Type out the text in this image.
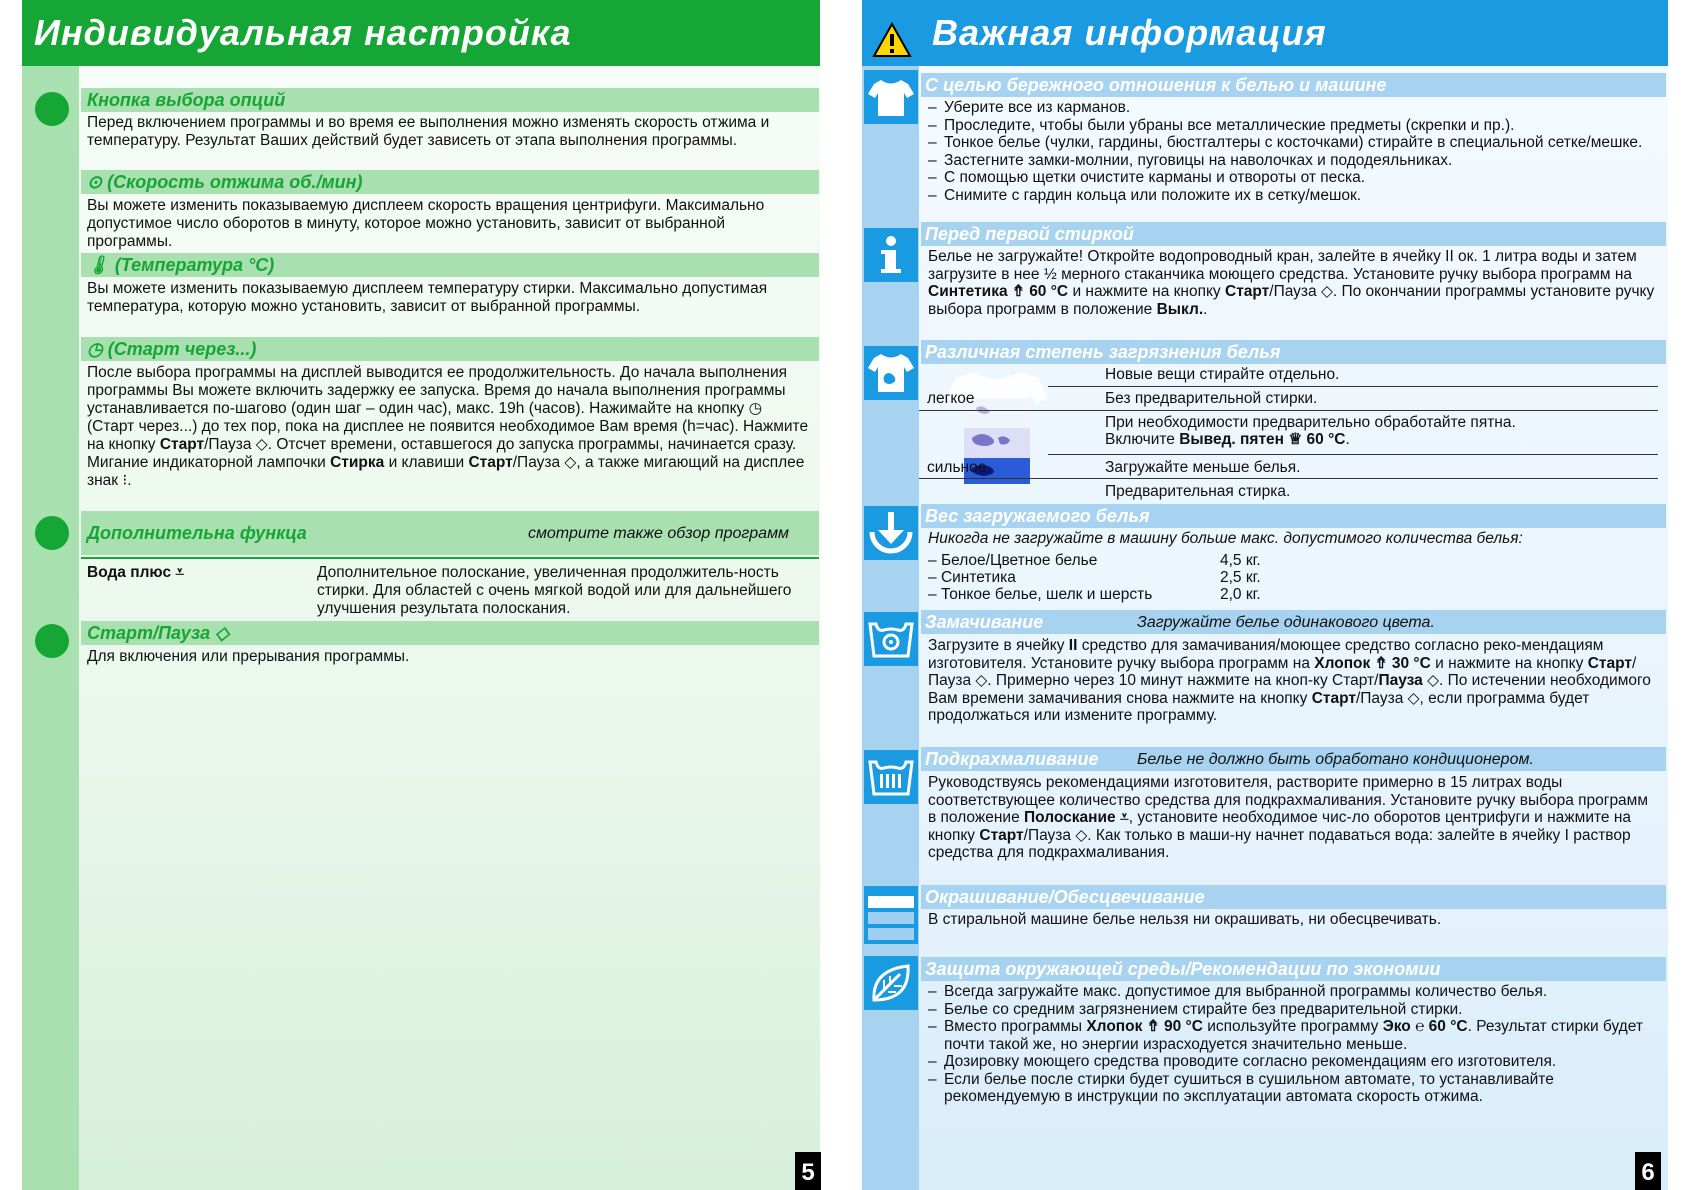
Индивидуальная настройка
Кнопка выбора опций
Перед включением программы и во время ее выполнения можно изменять скорость отжима и температуру. Результат Ваших действий будет зависеть от этапа выполнения программы.
⊙ (Скорость отжима об./мин)
Вы можете изменить показываемую дисплеем скорость вращения центрифуги. Максимально допустимое число оборотов в минуту, которое можно установить, зависит от выбранной программы.
🌡 (Температура °C)
Вы можете изменить показываемую дисплеем температуру стирки. Максимально допустимая температура, которую можно установить, зависит от выбранной программы.
◷ (Старт через...)
После выбора программы на дисплей выводится ее продолжительность. До начала выполнения программы Вы можете включить задержку ее запуска. Время до начала выполнения программы устанавливается по-шагово (один шаг – один час), макс. 19h (часов). Нажимайте на кнопку ◷ (Старт через...) до тех пор, пока на дисплее не появится необходимое Вам время (h=час). Нажмите на кнопку Старт/Пауза ◇. Отсчет времени, оставшегося до запуска программы, начинается сразу. Мигание индикаторной лампочки Стирка и клавиши Старт/Пауза ◇, а также мигающий на дисплее знак ⁝.
Дополнительна функца	смотрите также обзор программ
Вода плюс ⩡	Дополнительное полоскание, увеличенная продолжитель-ность стирки. Для областей с очень мягкой водой или для дальнейшего улучшения результата полоскания.
Старт/Пауза ◇
Для включения или прерывания программы.
5
Важная информация
С целью бережного отношения к белью и машине
– Уберите все из карманов.
– Проследите, чтобы были убраны все металлические предметы (скрепки и пр.).
– Тонкое белье (чулки, гардины, бюстгалтеры с косточками) стирайте в специальной сетке/мешке.
– Застегните замки-молнии, пуговицы на наволочках и пододеяльниках.
– С помощью щетки очистите карманы и отвороты от песка.
– Снимите с гардин кольца или положите их в сетку/мешок.
Перед первой стиркой
Белье не загружайте! Откройте водопроводный кран, залейте в ячейку II ок. 1 литра воды и затем загрузите в нее ½ мерного стаканчика моющего средства. Установите ручку выбора программ на Синтетика ⇮ 60 °C и нажмите на кнопку Старт/Пауза ◇. По окончании программы установите ручку выбора программ в положение Выкл..
Различная степень загрязнения белья
Новые вещи стирайте отдельно.
легкое	Без предварительной стирки.
При необходимости предварительно обработайте пятна.
Включите Вывед. пятен ♕ 60 °C.
сильное	Загружайте меньше белья.
Предварительная стирка.
Вес загружаемого белья
Никогда не загружайте в машину больше макс. допустимого количества белья:
– Белое/Цветное белье	4,5 кг.
– Синтетика	2,5 кг.
– Тонкое белье, шелк и шерсть	2,0 кг.
Замачивание	Загружайте белье одинакового цвета.
Загрузите в ячейку II средство для замачивания/моющее средство согласно реко-мендациям изготовителя. Установите ручку выбора программ на Хлопок ⇮ 30 °C и нажмите на кнопку Старт/Пауза ◇. Примерно через 10 минут нажмите на кноп-ку Старт/Пауза ◇. По истечении необходимого Вам времени замачивания снова нажмите на кнопку Старт/Пауза ◇, если программа будет продолжаться или измените программу.
Подкрахмаливание Белье не должно быть обработано кондиционером.
Руководствуясь рекомендациями изготовителя, растворите примерно в 15 литрах воды соответствующее количество средства для подкрахмаливания. Установите ручку выбора программ в положение Полоскание ⩡, установите необходимое чис-ло оборотов центрифуги и нажмите на кнопку Старт/Пауза ◇. Как только в маши-ну начнет подаваться вода: залейте в ячейку I раствор средства для подкрахмаливания.
Окрашивание/Обесцвечивание
В стиральной машине белье нельзя ни окрашивать, ни обесцвечивать.
Защита окружающей среды/Рекомендации по экономии
– Всегда загружайте макс. допустимое для выбранной программы количество белья.
– Белье со средним загрязнением стирайте без предварительной стирки.
– Вместо программы Хлопок ⇮ 90 °C используйте программу Эко ℮ 60 °C. Результат стирки будет почти такой же, но энергии израсходуется значительно меньше.
– Дозировку моющего средства проводите согласно рекомендациям его изготовителя.
– Если белье после стирки будет сушиться в сушильном автомате, то устанавливайте рекомендуемую в инструкции по эксплуатации автомата скорость отжима.
6
